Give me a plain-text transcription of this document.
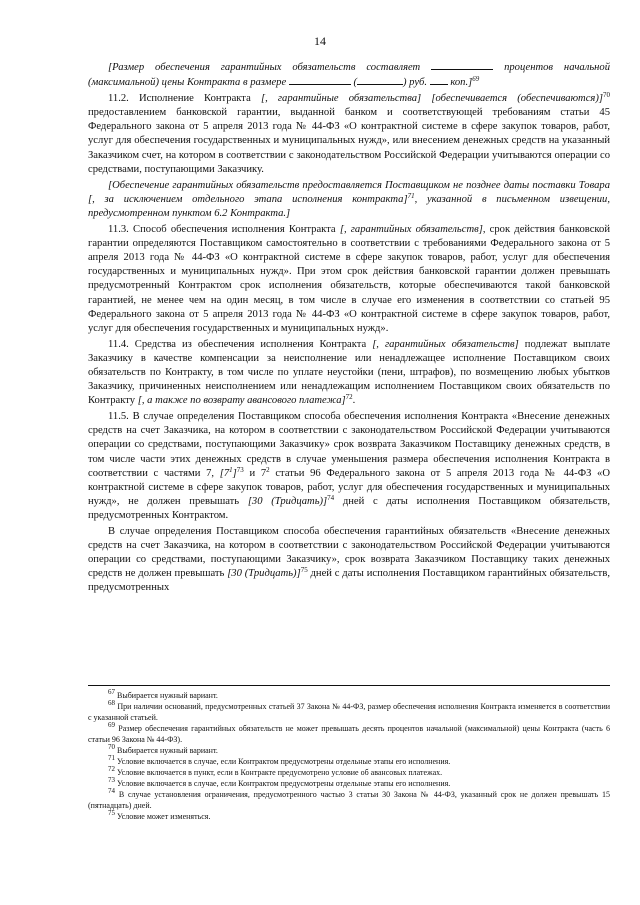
14

[Размер обеспечения гарантийных обязательств составляет	процентов начальной (максимальной) цены Контракта в размере	(	) руб. коп.]$^{69}$

11.2. Исполнение Контракта [, гарантийные обязательства] [обеспечивается (обеспечиваются)]$^{70}$ предоставлением банковской гарантии, выданной банком и соответствующей требованиям статьи 45 Федерального закона от 5 апреля 2013 года № 44-ФЗ «О контрактной системе в сфере закупок товаров, работ, услуг для обеспечения государственных и муниципальных нужд», или внесением денежных средств на указанный Заказчиком счет, на котором в соответствии с законодательством Российской Федерации учитываются операции со средствами, поступающими Заказчику.

[Обеспечение гарантийных обязательств предоставляется Поставщиком не позднее даты поставки Товара [, за исключением отдельного этапа исполнения контракта]$^{71}$, указанной в письменном извещении, предусмотренном пунктом 6.2 Контракта.]

11.3. Способ обеспечения исполнения Контракта [, гарантийных обязательств], срок действия банковской гарантии определяются Поставщиком самостоятельно в соответствии с требованиями Федерального закона от 5 апреля 2013 года № 44-ФЗ «О контрактной системе в сфере закупок товаров, работ, услуг для обеспечения государственных и муниципальных нужд». При этом срок действия банковской гарантии должен превышать предусмотренный Контрактом срок исполнения обязательств, которые обеспечиваются такой банковской гарантией, не менее чем на один месяц, в том числе в случае его изменения в соответствии со статьей 95 Федерального закона от 5 апреля 2013 года № 44-ФЗ «О контрактной системе в сфере закупок товаров, работ, услуг для обеспечения государственных и муниципальных нужд».

11.4. Средства из обеспечения исполнения Контракта [, гарантийных обязательств] подлежат выплате Заказчику в качестве компенсации за неисполнение или ненадлежащее исполнение Поставщиком своих обязательств по Контракту, в том числе по уплате неустойки (пени, штрафов), по возмещению любых убытков Заказчику, причиненных неисполнением или ненадлежащим исполнением Поставщиком своих обязательств по Контракту [, а также по возврату авансового платежа]$^{72}$.

11.5. В случае определения Поставщиком способа обеспечения исполнения Контракта «Внесение денежных средств на счет Заказчика, на котором в соответствии с законодательством Российской Федерации учитываются операции со средствами, поступающими Заказчику» срок возврата Заказчиком Поставщику денежных средств, в том числе части этих денежных средств в случае уменьшения размера обеспечения исполнения Контракта в соответствии с частями 7, $[7^1]^{73}$ и $7^2$ статьи 96 Федерального закона от 5 апреля 2013 года № 44-ФЗ «О контрактной системе в сфере закупок товаров, работ, услуг для обеспечения государственных и муниципальных нужд», не должен превышать [30 (Тридцать)]$^{74}$ дней с даты исполнения Поставщиком обязательств, предусмотренных Контрактом.

В случае определения Поставщиком способа обеспечения гарантийных обязательств «Внесение денежных средств на счет Заказчика, на котором в соответствии с законодательством Российской Федерации учитываются операции со средствами, поступающими Заказчику», срок возврата Заказчиком Поставщику таких денежных средств не должен превышать [30 (Тридцать)]$^{75}$ дней с даты исполнения Поставщиком гарантийных обязательств, предусмотренных

$^{67}$ Выбирается нужный вариант.

$^{68}$ При наличии оснований, предусмотренных статьей 37 Закона № 44-ФЗ, размер обеспечения исполнения Контракта изменяется в соответствии с указанной статьей.

$^{69}$ Размер обеспечения гарантийных обязательств не может превышать десять процентов начальной (максимальной) цены Контракта (часть 6 статьи 96 Закона № 44-ФЗ).

$^{70}$ Выбирается нужный вариант.

$^{71}$ Условие включается в случае, если Контрактом предусмотрены отдельные этапы его исполнения.

$^{72}$ Условие включается в пункт, если в Контракте предусмотрено условие об авансовых платежах.

$^{73}$ Условие включается в случае, если Контрактом предусмотрены отдельные этапы его исполнения.

$^{74}$ В случае установления ограничения, предусмотренного частью 3 статьи 30 Закона № 44-ФЗ, указанный срок не должен превышать 15 (пятнадцать) дней.

$^{75}$ Условие может изменяться.
